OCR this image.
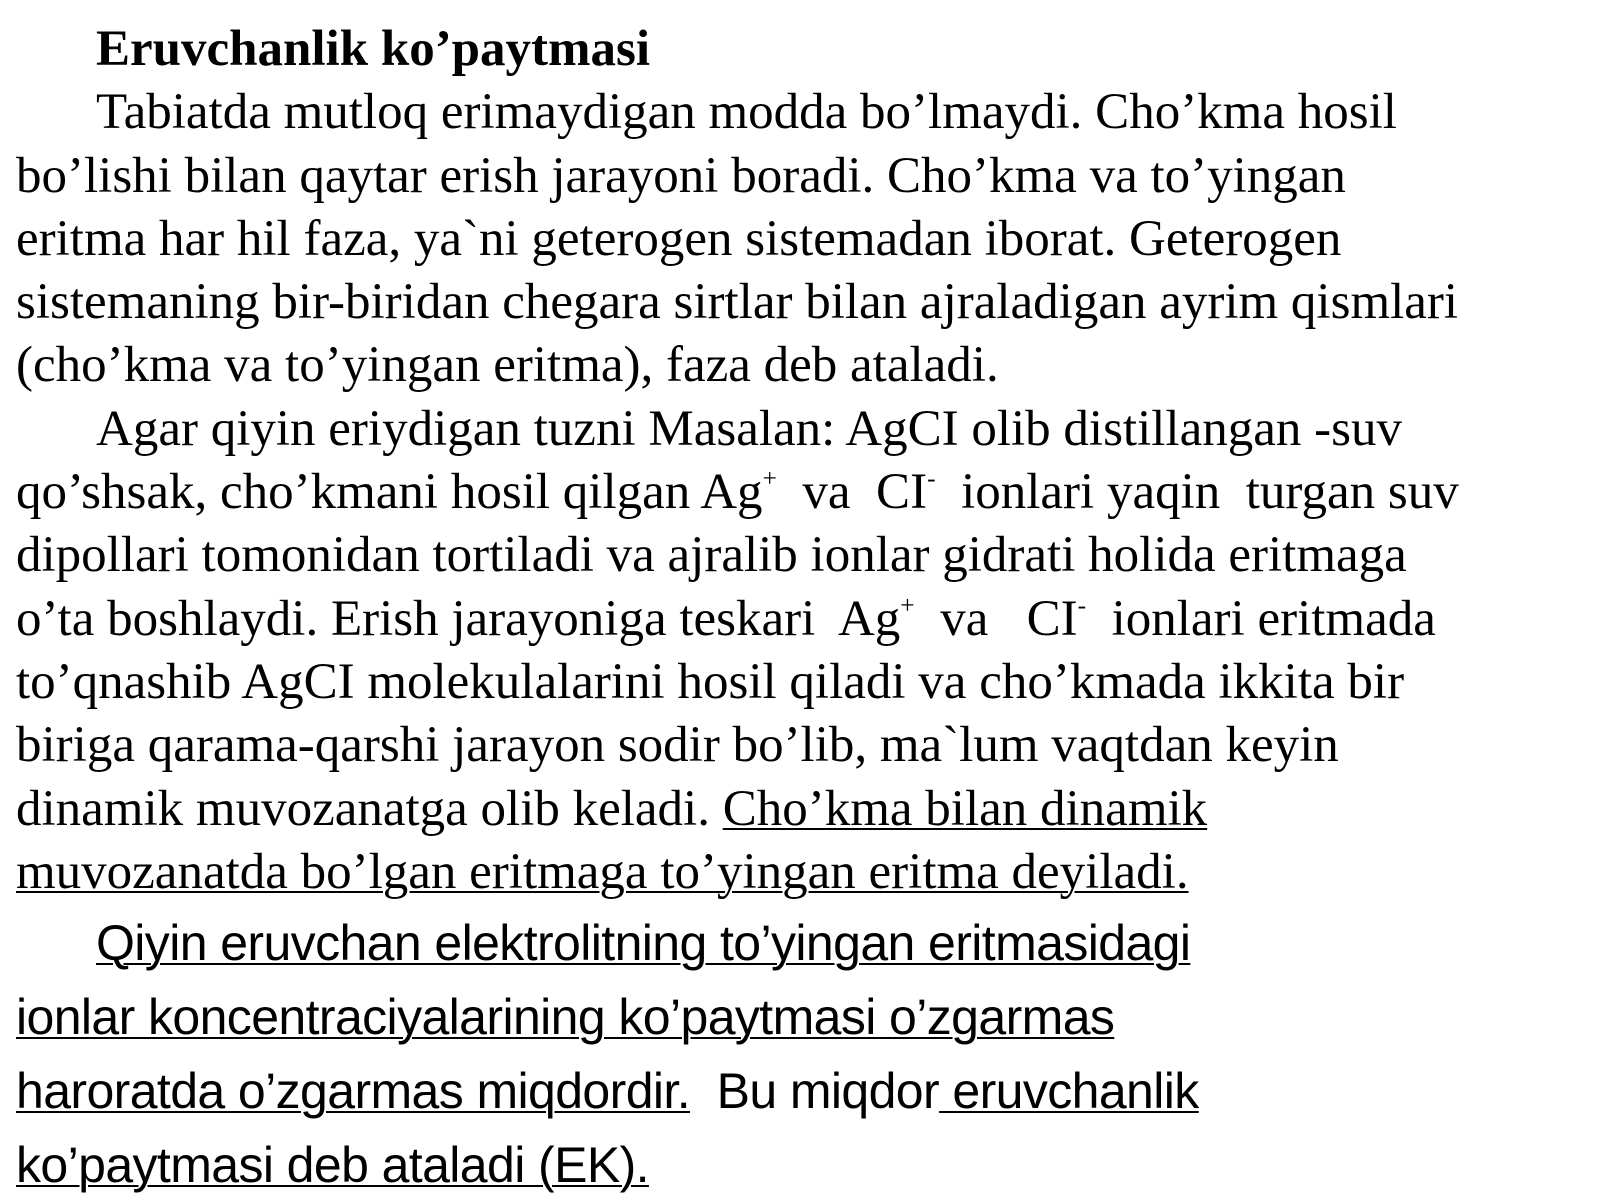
Eruvchanlik ko’paytmasi

Tabiatda mutloq erimaydigan modda bo’lmaydi. Cho’kma hosil
bo’lishi bilan qaytar erish jarayoni boradi. Cho’kma va to’yingan
eritma har hil faza, ya`ni geterogen sistemadan iborat. Geterogen
sistemaning bir-biridan chegara sirtlar bilan ajraladigan ayrim qismlari
(cho’kma va to’yingan eritma), faza deb ataladi.
Agar qiyin eriydigan tuzni Masalan: AgCI olib distillangan -suv
qo’shsak, cho’kmani hosil qilgan Ag+  va  CI-  ionlari yaqin  turgan suv
dipollari tomonidan tortiladi va ajralib ionlar gidrati holida eritmaga
o’ta boshlaydi. Erish jarayoniga teskari  Ag+  va   CI-  ionlari eritmada
to’qnashib AgCI molekulalarini hosil qiladi va cho’kmada ikkita bir
biriga qarama-qarshi jarayon sodir bo’lib, ma`lum vaqtdan keyin
dinamik muvozanatga olib keladi. Cho’kma bilan dinamik
muvozanatda bo’lgan eritmaga to’yingan eritma deyiladi.
Qiyin eruvchan elektrolitning to’yingan eritmasidagi
ionlar koncentraciyalarining ko’paytmasi o’zgarmas
haroratda o’zgarmas miqdordir.  Bu miqdor eruvchanlik
ko’paytmasi deb ataladi (EK).
